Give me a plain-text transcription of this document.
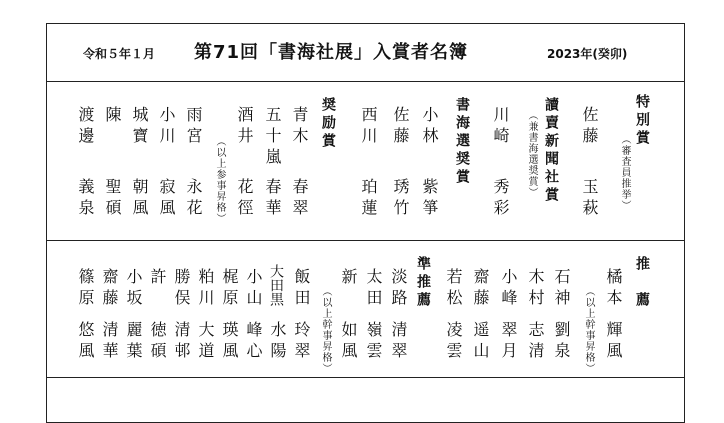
令和５年１月 第71回「書海社展」入賞者名簿	2023年(癸卯)
特別賞
（審査員推挙）
佐藤
玉萩
讀賣新聞社賞
（兼書海選奨賞）
川崎
秀彩
書海選奨賞
小林
紫箏
佐藤
琇竹
西川
珀蓮
奨励賞
青木
春翠
五十嵐
春華
酒井
花徑
（以上参事昇格）
雨宮
永花
小川
寂風
城寶
朝風
陳
聖碩
渡邊
義泉
推薦
橘本
輝風
（以上幹事昇格）
石神
劉泉
木村
志清
小峰
翠月
齋藤
遥山
若松
凌雲
準推薦
淡路
清翠
太田
嶺雲
新
如風
（以上幹事昇格）
飯田
玲翠
大田黒
水陽
小山
峰心
梶原
瑛風
粕川
大道
勝俣
清邨
許
徳碩
小坂
麗葉
齋藤
清華
篠原
悠風
